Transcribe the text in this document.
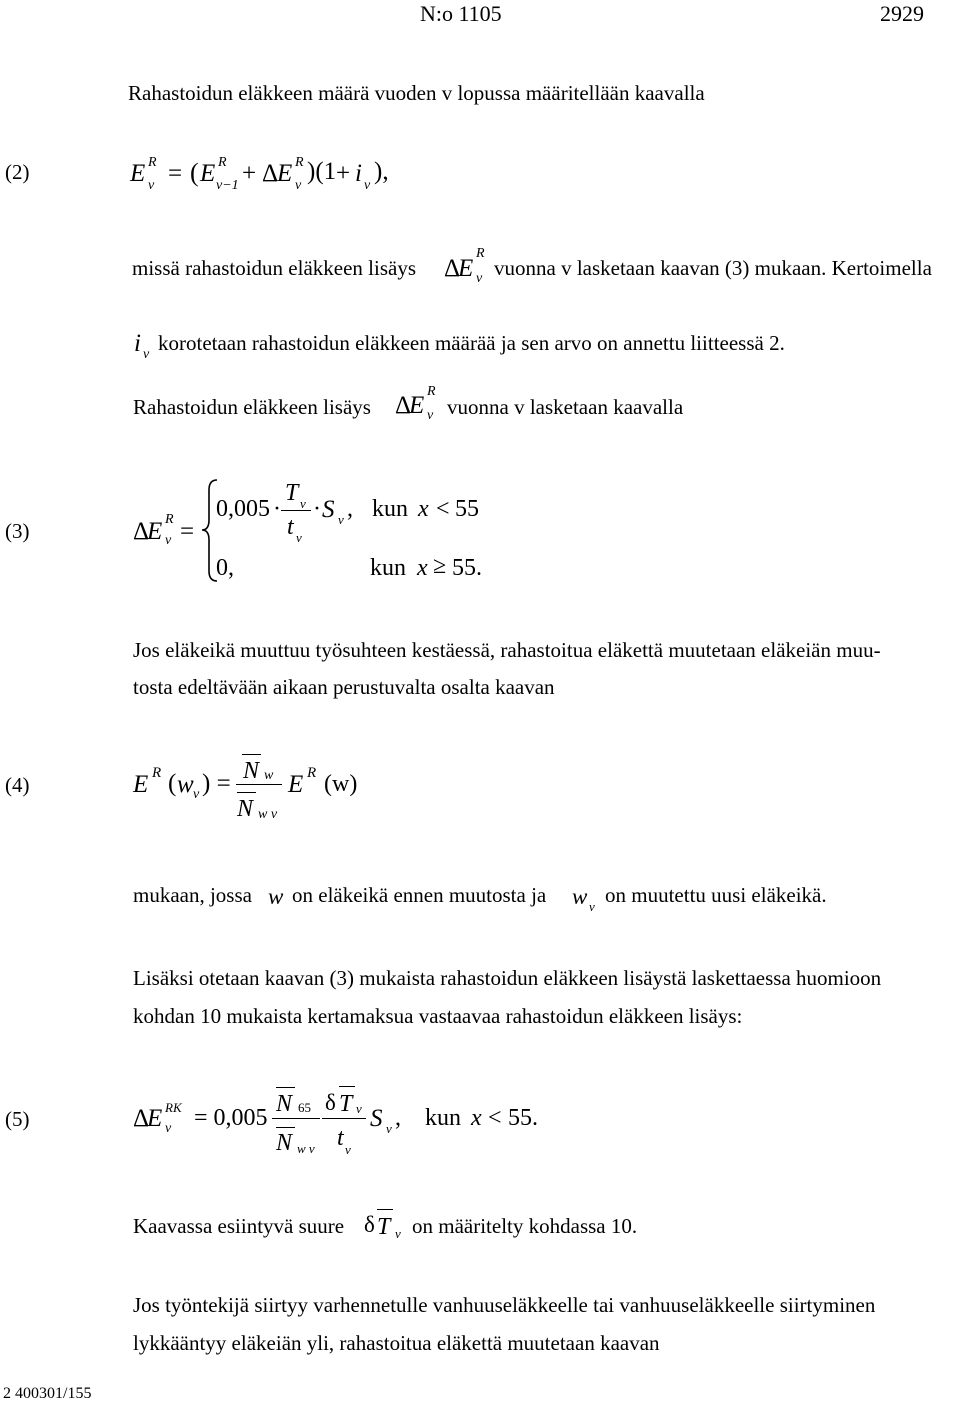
N:o 1105	2929
Rahastoidun eläkkeen määrä vuoden v lopussa määritellään kaavalla
(2)	E R
v = ( E R
v−1 + Δ
E R
v
)(1 + i v
),
missä rahastoidun eläkkeen lisäys Δ
E
R
v vuonna v lasketaan kaavan (3) mukaan. Kertoimella
i v korotetaan rahastoidun eläkkeen määrää ja sen arvo on annettu liitteessä 2.
Rahastoidun eläkkeen lisäys Δ
E
R
v vuonna v lasketaan kaavalla
(3)	Δ
E R
v =
0,005 ·
T v
t v
· S v , kun x < 55
0,	kun x ≥ 55.
Jos eläkeikä muuttuu työsuhteen kestäessä, rahastoitua eläkettä muutetaan eläkeiän muu-
tosta edeltävään aikaan perustuvalta osalta kaavan
(4)	E R ( w v ) = N w
N w v
E R (w)
mukaan, jossa w on eläkeikä ennen muutosta ja w v on muutettu uusi eläkeikä.
Lisäksi otetaan kaavan (3) mukaista rahastoidun eläkkeen lisäystä laskettaessa huomioon
kohdan 10 mukaista kertamaksua vastaavaa rahastoidun eläkkeen lisäys:
(5)	Δ
E RK
v = 0,005
N 65
N w v
δ T v
t v
S v , kun x < 55.
Kaavassa esiintyvä suure δ T v on määritelty kohdassa 10.
Jos työntekijä siirtyy varhennetulle vanhuuseläkkeelle tai vanhuuseläkkeelle siirtyminen
lykkääntyy eläkeiän yli, rahastoitua eläkettä muutetaan kaavan
2 400301/155
